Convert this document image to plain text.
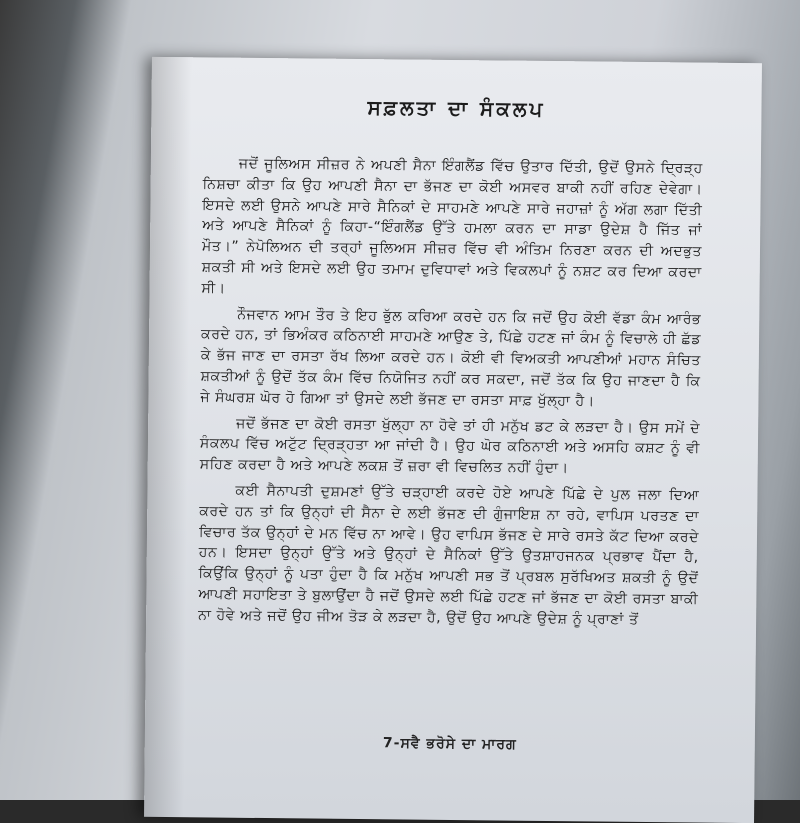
ਸਫ਼ਲਤਾ ਦਾ ਸੰਕਲਪ

ਜਦੋਂ ਜੂਲਿਅਸ ਸੀਜ਼ਰ ਨੇ ਅਪਣੀ ਸੈਨਾ ਇੰਗਲੈਂਡ ਵਿੱਚ ਉਤਾਰ ਦਿੱਤੀ, ਉਦੋਂ ਉਸਨੇ ਦ੍ਰਿੜ੍ਹ ਨਿਸ਼ਚਾ ਕੀਤਾ ਕਿ ਉਹ ਆਪਣੀ ਸੈਨਾ ਦਾ ਭੱਜਣ ਦਾ ਕੋਈ ਅਸਵਰ ਬਾਕੀ ਨਹੀਂ ਰਹਿਣ ਦੇਵੇਗਾ। ਇਸਦੇ ਲਈ ਉਸਨੇ ਆਪਣੇ ਸਾਰੇ ਸੈਨਿਕਾਂ ਦੇ ਸਾਹਮਣੇ ਆਪਣੇ ਸਾਰੇ ਜਹਾਜ਼ਾਂ ਨੂੰ ਅੱਗ ਲਗਾ ਦਿੱਤੀ ਅਤੇ ਆਪਣੇ ਸੈਨਿਕਾਂ ਨੂੰ ਕਿਹਾ-“ਇੰਗਲੈਂਡ ਉੱਤੇ ਹਮਲਾ ਕਰਨ ਦਾ ਸਾਡਾ ਉਦੇਸ਼ ਹੈ ਜਿੱਤ ਜਾਂ ਮੌਤ।” ਨੇਪੋਲਿਅਨ ਦੀ ਤਰ੍ਹਾਂ ਜੂਲਿਅਸ ਸੀਜ਼ਰ ਵਿੱਚ ਵੀ ਅੰਤਿਮ ਨਿਰਣਾ ਕਰਨ ਦੀ ਅਦਭੁਤ ਸ਼ਕਤੀ ਸੀ ਅਤੇ ਇਸਦੇ ਲਈ ਉਹ ਤਮਾਮ ਦੁਵਿਧਾਵਾਂ ਅਤੇ ਵਿਕਲਪਾਂ ਨੂੰ ਨਸ਼ਟ ਕਰ ਦਿਆ ਕਰਦਾ ਸੀ।

ਨੌਜਵਾਨ ਆਮ ਤੌਰ ਤੇ ਇਹ ਭੁੱਲ ਕਰਿਆ ਕਰਦੇ ਹਨ ਕਿ ਜਦੋਂ ਉਹ ਕੋਈ ਵੱਡਾ ਕੰਮ ਆਰੰਭ ਕਰਦੇ ਹਨ, ਤਾਂ ਭਿਅੰਕਰ ਕਠਿਨਾਈ ਸਾਹਮਣੇ ਆਉਣ ਤੇ, ਪਿੱਛੇ ਹਟਣ ਜਾਂ ਕੰਮ ਨੂੰ ਵਿਚਾਲੇ ਹੀ ਛੱਡ ਕੇ ਭੱਜ ਜਾਣ ਦਾ ਰਸਤਾ ਰੱਖ ਲਿਆ ਕਰਦੇ ਹਨ। ਕੋਈ ਵੀ ਵਿਅਕਤੀ ਆਪਣੀਆਂ ਮਹਾਨ ਸੰਚਿਤ ਸ਼ਕਤੀਆਂ ਨੂੰ ਉਦੋਂ ਤੱਕ ਕੰਮ ਵਿੱਚ ਨਿਯੋਜਿਤ ਨਹੀਂ ਕਰ ਸਕਦਾ, ਜਦੋਂ ਤੱਕ ਕਿ ਉਹ ਜਾਣਦਾ ਹੈ ਕਿ ਜੇ ਸੰਘਰਸ਼ ਘੋਰ ਹੋ ਗਿਆ ਤਾਂ ਉਸਦੇ ਲਈ ਭੱਜਣ ਦਾ ਰਸਤਾ ਸਾਫ਼ ਖੁੱਲ੍ਹਾ ਹੈ।

ਜਦੋਂ ਭੱਜਣ ਦਾ ਕੋਈ ਰਸਤਾ ਖੁੱਲ੍ਹਾ ਨਾ ਹੋਵੇ ਤਾਂ ਹੀ ਮਨੁੱਖ ਡਟ ਕੇ ਲੜਦਾ ਹੈ। ਉਸ ਸਮੇਂ ਦੇ ਸੰਕਲਪ ਵਿੱਚ ਅਟੁੱਟ ਦ੍ਰਿੜ੍ਹਤਾ ਆ ਜਾਂਦੀ ਹੈ। ਉਹ ਘੋਰ ਕਠਿਨਾਈ ਅਤੇ ਅਸਹਿ ਕਸ਼ਟ ਨੂੰ ਵੀ ਸਹਿਣ ਕਰਦਾ ਹੈ ਅਤੇ ਆਪਣੇ ਲਕਸ਼ ਤੋਂ ਜ਼ਰਾ ਵੀ ਵਿਚਲਿਤ ਨਹੀਂ ਹੁੰਦਾ।

ਕਈ ਸੈਨਾਪਤੀ ਦੁਸ਼ਮਣਾਂ ਉੱਤੇ ਚੜ੍ਹਾਈ ਕਰਦੇ ਹੋਏ ਆਪਣੇ ਪਿੱਛੇ ਦੇ ਪੁਲ ਜਲਾ ਦਿਆ ਕਰਦੇ ਹਨ ਤਾਂ ਕਿ ਉਨ੍ਹਾਂ ਦੀ ਸੈਨਾ ਦੇ ਲਈ ਭੱਜਣ ਦੀ ਗੁੰਜਾਇਸ਼ ਨਾ ਰਹੇ, ਵਾਪਿਸ ਪਰਤਣ ਦਾ ਵਿਚਾਰ ਤੱਕ ਉਨ੍ਹਾਂ ਦੇ ਮਨ ਵਿੱਚ ਨਾ ਆਵੇ। ਉਹ ਵਾਪਿਸ ਭੱਜਣ ਦੇ ਸਾਰੇ ਰਸਤੇ ਕੱਟ ਦਿਆ ਕਰਦੇ ਹਨ। ਇਸਦਾ ਉਨ੍ਹਾਂ ਉੱਤੇ ਅਤੇ ਉਨ੍ਹਾਂ ਦੇ ਸੈਨਿਕਾਂ ਉੱਤੇ ਉਤਸ਼ਾਹਜਨਕ ਪ੍ਰਭਾਵ ਪੈਂਦਾ ਹੈ, ਕਿਉਂਕਿ ਉਨ੍ਹਾਂ ਨੂੰ ਪਤਾ ਹੁੰਦਾ ਹੈ ਕਿ ਮਨੁੱਖ ਆਪਣੀ ਸਭ ਤੋਂ ਪ੍ਰਬਲ ਸੁਰੱਖਿਅਤ ਸ਼ਕਤੀ ਨੂੰ ਉਦੋਂ ਆਪਣੀ ਸਹਾਇਤਾ ਤੇ ਬੁਲਾਉਂਦਾ ਹੈ ਜਦੋਂ ਉਸਦੇ ਲਈ ਪਿੱਛੇ ਹਟਣ ਜਾਂ ਭੱਜਣ ਦਾ ਕੋਈ ਰਸਤਾ ਬਾਕੀ ਨਾ ਹੋਵੇ ਅਤੇ ਜਦੋਂ ਉਹ ਜੀਅ ਤੋੜ ਕੇ ਲੜਦਾ ਹੈ, ਉਦੋਂ ਉਹ ਆਪਣੇ ਉਦੇਸ਼ ਨੂੰ ਪ੍ਰਾਣਾਂ ਤੋਂ

7-ਸਵੈ ਭਰੋਸੇ ਦਾ ਮਾਰਗ
